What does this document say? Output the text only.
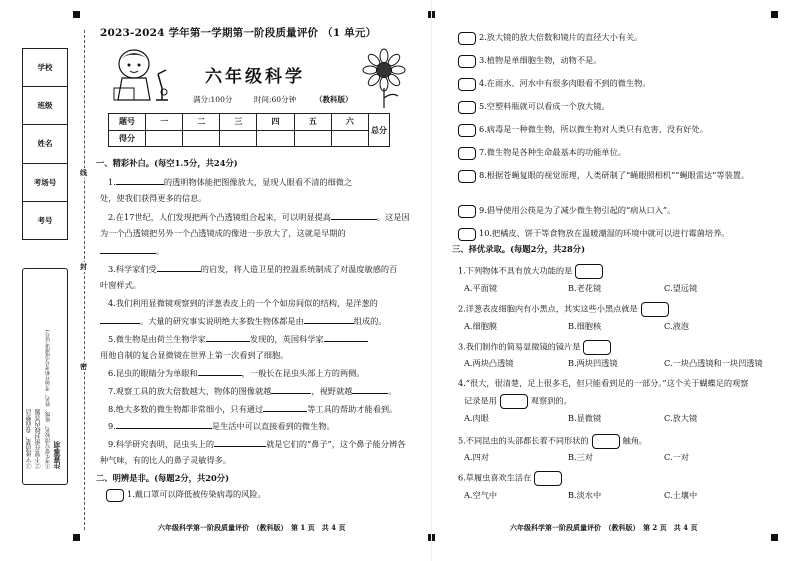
学校
班级
姓名
考场号
考号
注意事项
①考生要写清校名、班级、姓名、考场号和考号(或准考证号)
②不要在密封线内答题
③字迹清楚，卷面整洁
线
封
密
2023-2024 学年第一学期第一阶段质量评价 （1 单元）
六年级科学
满分:100分	时间:60分钟	（教科版）
题号	一	二	三	四	五	六	总分
得分							
一、精彩补白。(每空1.5分，共24分)
1.	的透明物体能把图像放大，显现人眼看不清的细微之
处，使我们获得更多的信息。
2.在17世纪，人们发现把两个凸透镜组合起来，可以明显提高	。这是因
为一个凸透镜把另外一个凸透镜成的像进一步放大了，这就是早期的
。
3.科学家们受	的启发，将人造卫星的控温系统制成了对温度敏感的百
叶窗样式。
4.我们利用显微镜观察到的洋葱表皮上的一个个如房间似的结构，是洋葱的
。大量的研究事实说明绝大多数生物体都是由	组成的。
5.微生物是由荷兰生物学家	发现的，英国科学家
用他自制的复合显微镜在世界上第一次看到了细胞。
6.昆虫的眼睛分为单眼和	，一般长在昆虫头部上方的两侧。
7.观察工具的放大倍数越大，物体的图像就越	，视野就越	。
8.绝大多数的微生物都非常细小，只有通过	等工具的帮助才能看到。
9.	是生活中可以直接看到的微生物。
9.科学研究表明，昆虫头上的	就是它们的“鼻子”，这个鼻子能分辨各
种气味，有的比人的鼻子灵敏得多。
二、明辨是非。(每题2分，共20分)
1.戴口罩可以降低被传染病毒的风险。
六年级科学第一阶段质量评价　（教科版）　第 1 页　共 4 页
2.放大镜的放大倍数和镜片的直径大小有关。
3.植物是单细胞生物，动物不是。
4.在雨水、河水中有很多肉眼看不到的微生物。
5.空塑料瓶就可以看成一个放大镜。
6.病毒是一种微生物，所以微生物对人类只有危害，没有好处。
7.微生物是各种生命最基本的功能单位。
8.根据苍蝇复眼的视觉原理，人类研制了“蝇眼照相机”“蝇眼雷达”等装置。
9.倡导使用公筷是为了减少微生物引起的“病从口入”。
10.把橘皮、饼干等食物放在温暖潮湿的环境中就可以进行霉菌培养。
三、择优录取。(每题2分，共28分)
1.下列物体不具有放大功能的是
A.平面镜	B.老花镜	C.望远镜
2.洋葱表皮细胞内有小黑点，其实这些小黑点就是
A.细胞膜	B.细胞核	C.液泡
3.我们制作的简易显微镜的镜片是
A.两块凸透镜	B.两块凹透镜	C.一块凸透镜和一块凹透镜
4.“很大，很清楚，足上很多毛，但只能看到足的一部分。”这个关于蝴蝶足的观察
记录是用	观察到的。
A.肉眼	B.显微镜	C.放大镜
5.不同昆虫的头部都长着不同形状的	触角。
A.四对	B.三对	C.一对
6.草履虫喜欢生活在
A.空气中	B.淡水中	C.土壤中
六年级科学第一阶段质量评价　（教科版）　第 2 页　共 4 页
